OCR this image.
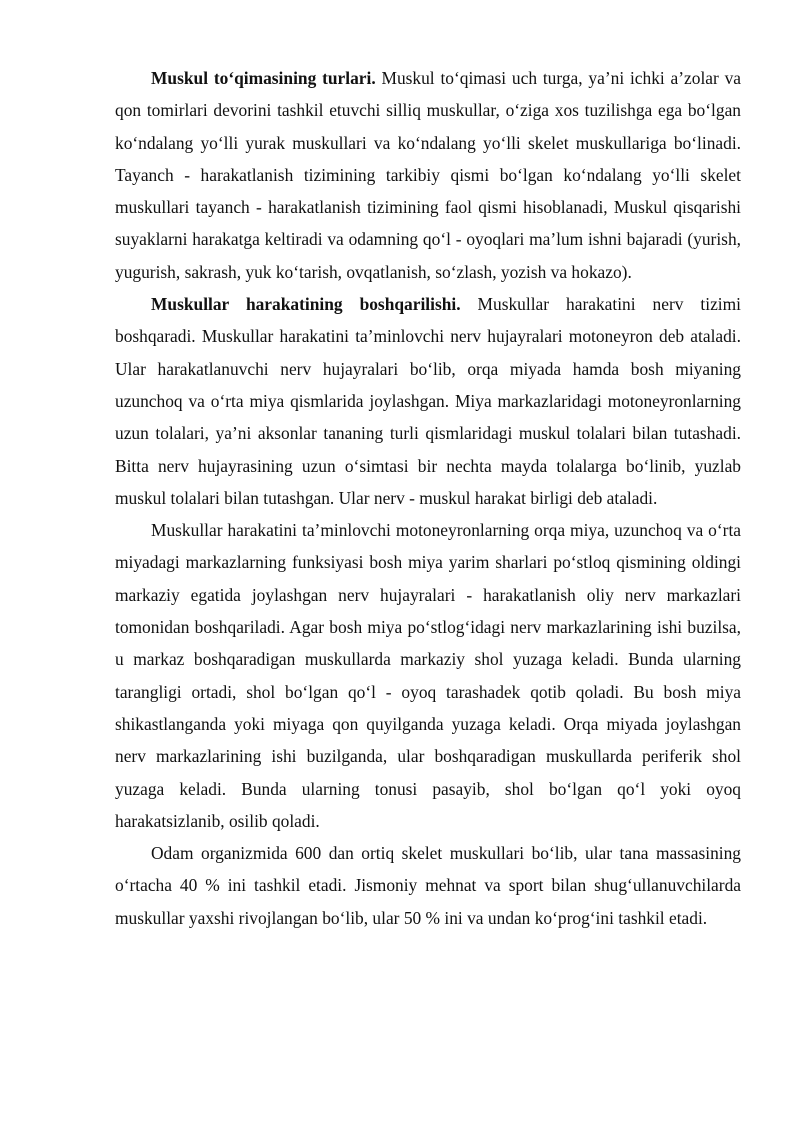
Muskul to‘qimasining turlari. Muskul to‘qimasi uch turga, ya’ni ichki a’zolar va qon tomirlari devorini tashkil etuvchi silliq muskullar, o‘ziga xos tuzilishga ega bo‘lgan ko‘ndalang yo‘lli yurak muskullari va ko‘ndalang yo‘lli skelet muskullariga bo‘linadi. Tayanch - harakatlanish tizimining tarkibiy qismi bo‘lgan ko‘ndalang yo‘lli skelet muskullari tayanch - harakatlanish tizimining faol qismi hisoblanadi, Muskul qisqarishi suyaklarni harakatga keltiradi va odamning qo‘l - oyoqlari ma’lum ishni bajaradi (yurish, yugurish, sakrash, yuk ko‘tarish, ovqatlanish, so‘zlash, yozish va hokazo).

Muskullar harakatining boshqarilishi. Muskullar harakatini nerv tizimi boshqaradi. Muskullar harakatini ta’minlovchi nerv hujayralari motoneyron deb ataladi. Ular harakatlanuvchi nerv hujayralari bo‘lib, orqa miyada hamda bosh miyaning uzunchoq va o‘rta miya qismlarida joylashgan. Miya markazlaridagi motoneyronlarning uzun tolalari, ya’ni aksonlar tananing turli qismlaridagi muskul tolalari bilan tutashadi. Bitta nerv hujayrasining uzun o‘simtasi bir nechta mayda tolalarga bo‘linib, yuzlab muskul tolalari bilan tutashgan. Ular nerv - muskul harakat birligi deb ataladi.

Muskullar harakatini ta’minlovchi motoneyronlarning orqa miya, uzunchoq va o‘rta miyadagi markazlarning funksiyasi bosh miya yarim sharlari po‘stloq qismining oldingi markaziy egatida joylashgan nerv hujayralari - harakatlanish oliy nerv markazlari tomonidan boshqariladi. Agar bosh miya po‘stlog‘idagi nerv markazlarining ishi buzilsa, u markaz boshqaradigan muskullarda markaziy shol yuzaga keladi. Bunda ularning tarangligi ortadi, shol bo‘lgan qo‘l - oyoq tarashadek qotib qoladi. Bu bosh miya shikastlanganda yoki miyaga qon quyilganda yuzaga keladi. Orqa miyada joylashgan nerv markazlarining ishi buzilganda, ular boshqaradigan muskullarda periferik shol yuzaga keladi. Bunda ularning tonusi pasayib, shol bo‘lgan qo‘l yoki oyoq harakatsizlanib, osilib qoladi.

Odam organizmida 600 dan ortiq skelet muskullari bo‘lib, ular tana massasining o‘rtacha 40 % ini tashkil etadi. Jismoniy mehnat va sport bilan shug‘ullanuvchilarda muskullar yaxshi rivojlangan bo‘lib, ular 50 % ini va undan ko‘prog‘ini tashkil etadi.
